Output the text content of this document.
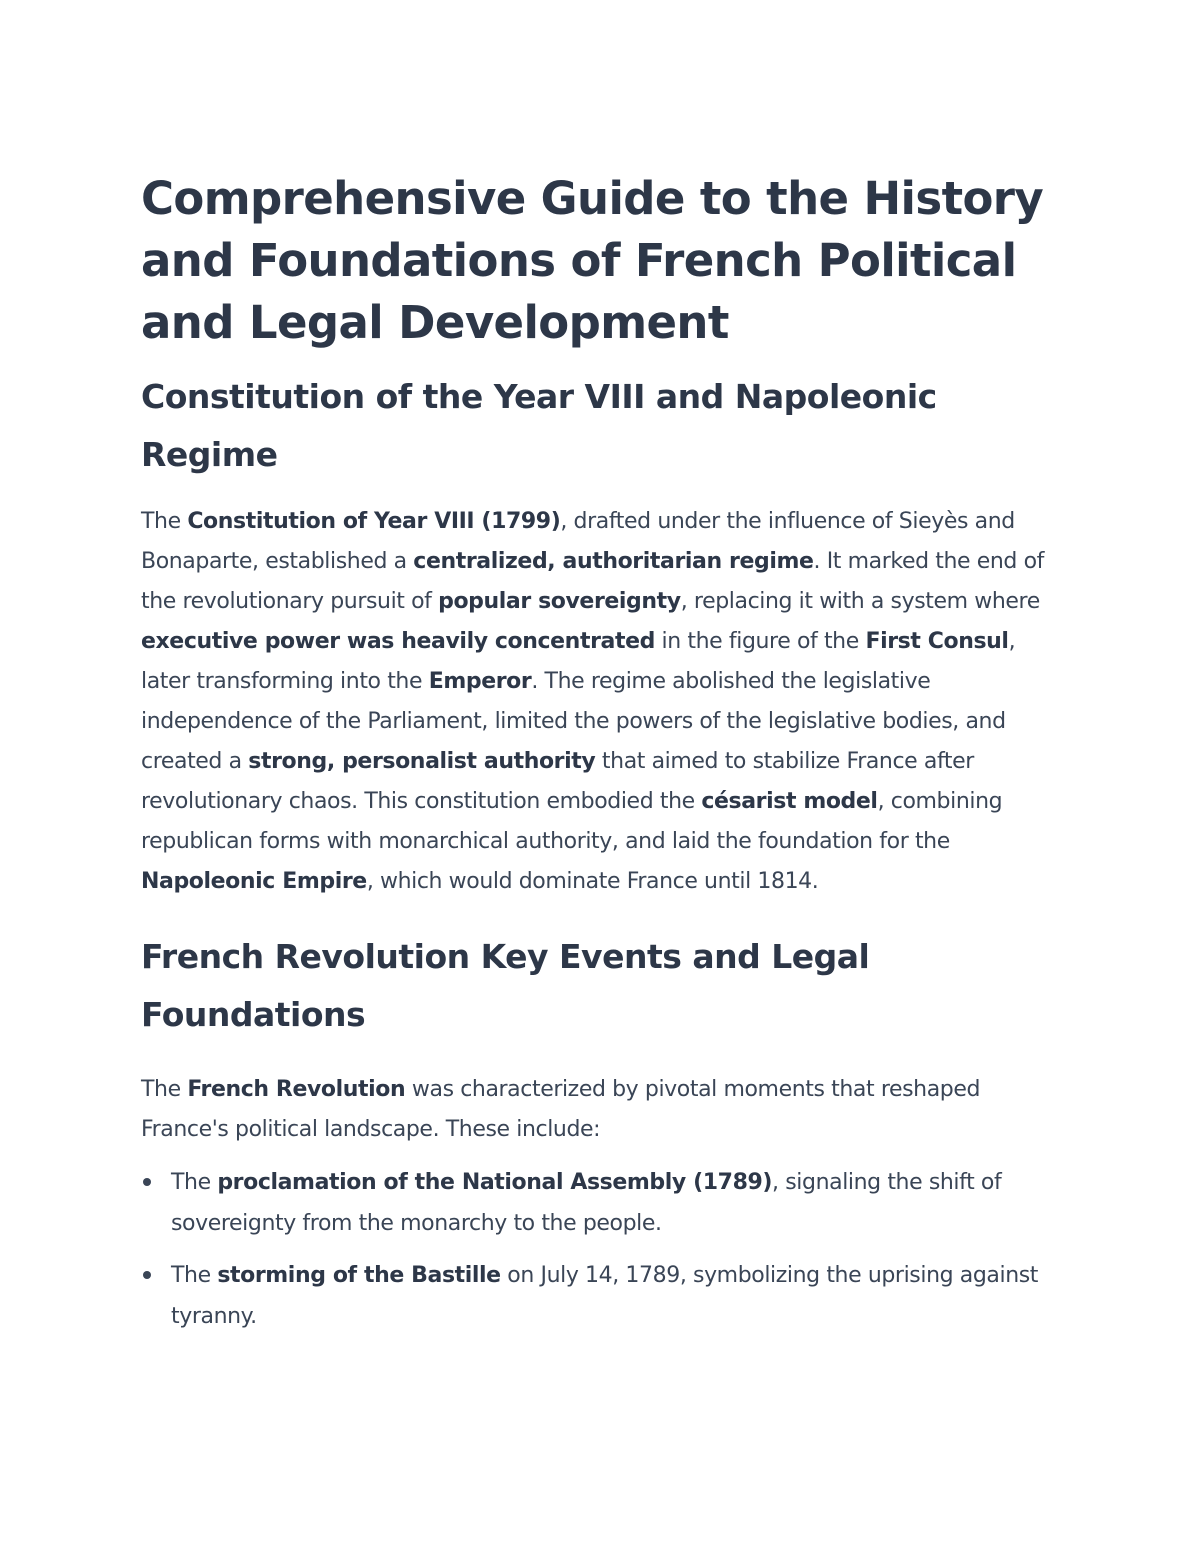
Comprehensive Guide to the History and Foundations of French Political and Legal Development
Constitution of the Year VIII and Napoleonic Regime

The Constitution of Year VIII (1799), drafted under the influence of Sieyès and Bonaparte, established a centralized, authoritarian regime. It marked the end of the revolutionary pursuit of popular sovereignty, replacing it with a system where executive power was heavily concentrated in the figure of the First Consul, later transforming into the Emperor. The regime abolished the legislative independence of the Parliament, limited the powers of the legislative bodies, and created a strong, personalist authority that aimed to stabilize France after revolutionary chaos. This constitution embodied the césarist model, combining republican forms with monarchical authority, and laid the foundation for the Napoleonic Empire, which would dominate France until 1814.

French Revolution Key Events and Legal Foundations

The French Revolution was characterized by pivotal moments that reshaped France's political landscape. These include:

The proclamation of the National Assembly (1789), signaling the shift of sovereignty from the monarchy to the people.
The storming of the Bastille on July 14, 1789, symbolizing the uprising against tyranny.
